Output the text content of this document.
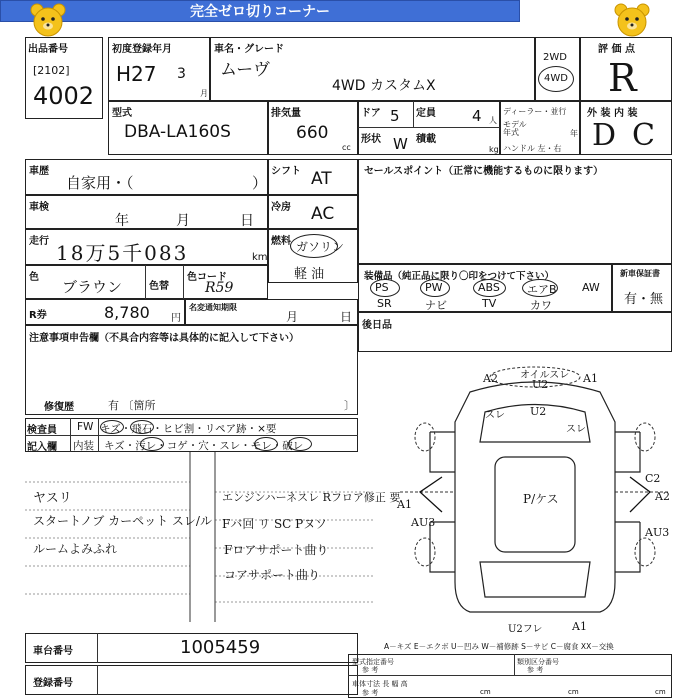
完全ゼロ切りコーナー
出品番号
[2102]
4002
初度登録年月
H27 3
月
車名・グレード
ムーヴ
4WD カスタムX
2WD
4WD
評 価 点
R
型式
DBA-LA160S
排気量
660
cc
ドア 5 定員 4 人
形状 W 積載
kg
ディーラー・並行
モデル年式	年
ハンドル 左・右
外 装 内 装
D C
車歴
自家用・（	）
シフト AT	セールスポイント（正常に機能するものに限ります）
車検
年	月	日
冷房 AC
走行 18万5千083	km
燃料 ガソリン
軽 油
色
ブラウン	色替
色コード
R59
装備品（純正品に限り〇印をつけて下さい）
PS	PW	ABS エアB AW
SR	ナビ	TV	カワ
新車保証書
有・無
R券	8,780 円
名変通知期限
月	日
注意事項申告欄（不具合内容等は具体的に記入して下さい）
修復歴	有 〔箇所	〕
後日品
検査員 FW キズ・飛石・ヒビ割・リペア跡・×要
記入欄 内装 キズ・汚レ・コゲ・穴・スレ・モレ・破レ
ヤスリ
スタートノブ カーペット スレ/ル
ルームよみふれ
エンジンハーネスレ Rフロア修正 要
Fバ回 リ SC Pヌソ
Fロアサポート曲り
コアサポート曲り
A2 オイルスレ
U2	A1
スレ U2
スレ
A1
AU3
C2
A2
AU3
P/ケス
U2フレ	A1
A－キズ E－エクボ U－凹み W－補修跡 S－サビ C－腐食 XX－交換
車台番号	1005459
登録番号
型式指定番号
参 考
類別区分番号
参 考
車体寸法 長 幅 高
参 考	cm	cm	cm
